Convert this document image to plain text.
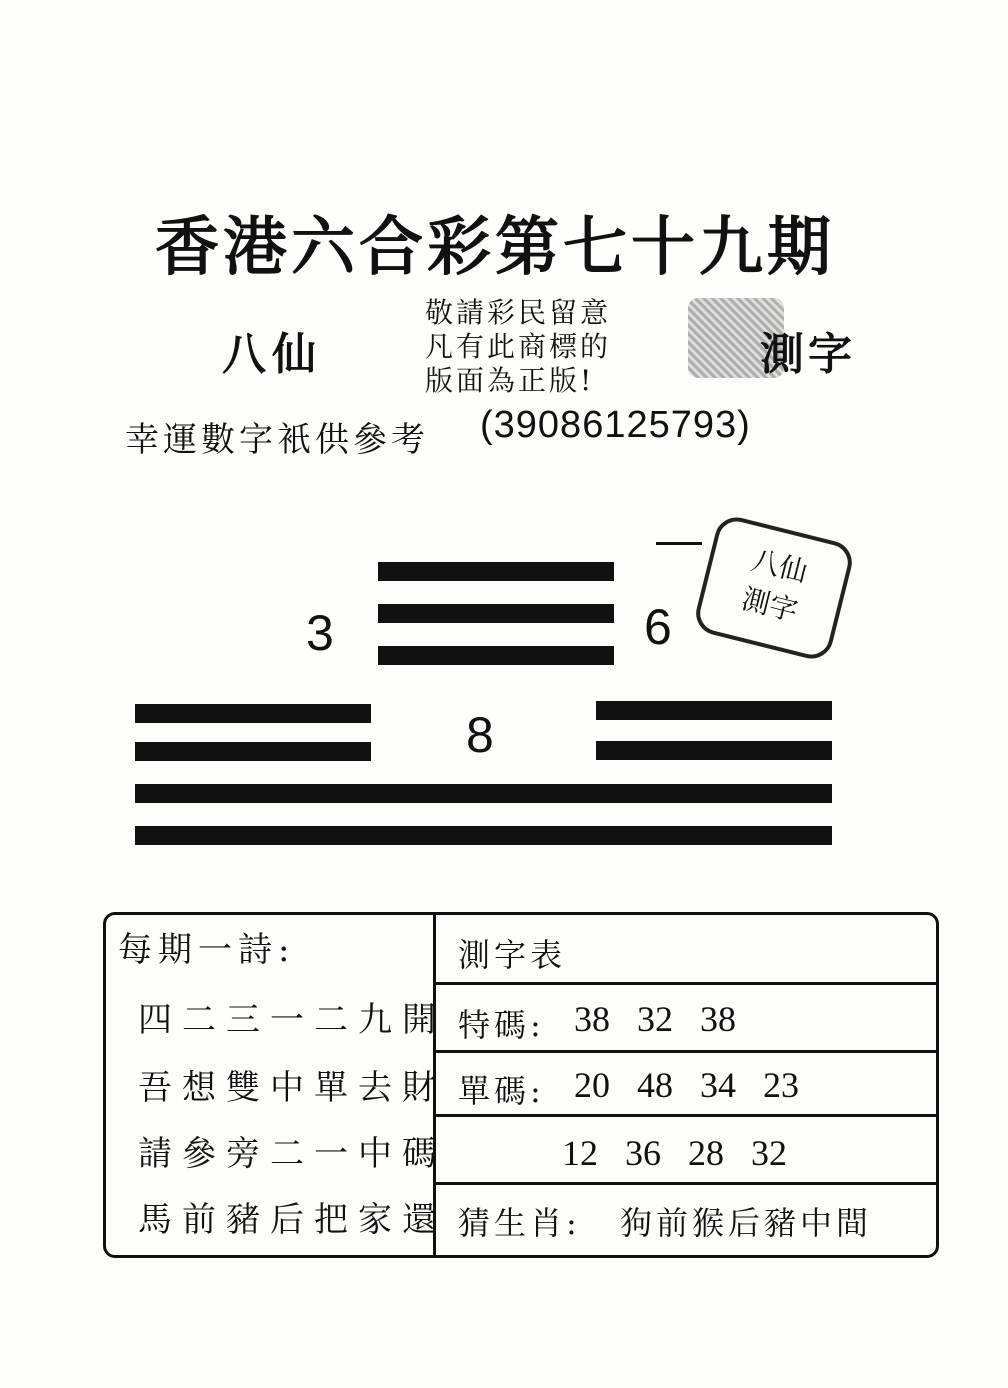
香港六合彩第七十九期
八仙
敬請彩民留意
凡有此商標的
版面為正版!
測字
幸運數字衹供參考 (39086125793)
3	6
8
八仙
測字
每期一詩:
四二三一二九開
吾想雙中單去財
請參旁二一中碼
馬前豬后把家還
測字表
特碼: 38 32 38
單碼: 20 48 34 23
12 36 28 32
猜生肖: 狗前猴后豬中間
